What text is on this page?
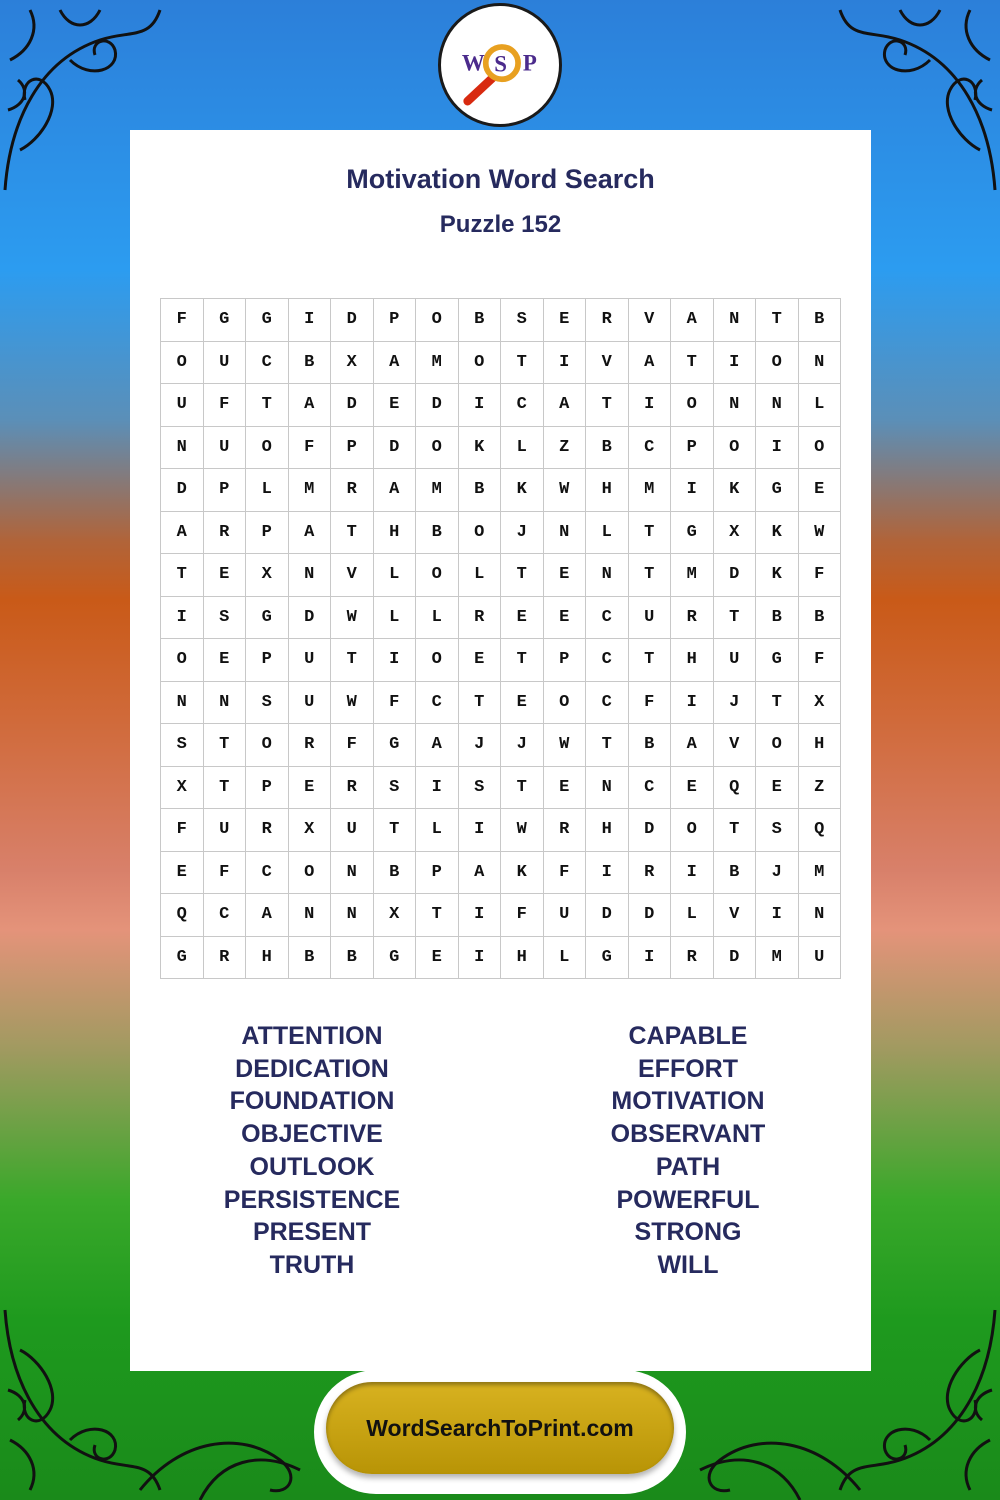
W S P
Motivation Word Search
Puzzle 152
F	G	G	I	D	P	O	B	S	E	R	V	A	N	T	B
O	U	C	B	X	A	M	O	T	I	V	A	T	I	O	N
U	F	T	A	D	E	D	I	C	A	T	I	O	N	N	L
N	U	O	F	P	D	O	K	L	Z	B	C	P	O	I	O
D	P	L	M	R	A	M	B	K	W	H	M	I	K	G	E
A	R	P	A	T	H	B	O	J	N	L	T	G	X	K	W
T	E	X	N	V	L	O	L	T	E	N	T	M	D	K	F
I	S	G	D	W	L	L	R	E	E	C	U	R	T	B	B
O	E	P	U	T	I	O	E	T	P	C	T	H	U	G	F
N	N	S	U	W	F	C	T	E	O	C	F	I	J	T	X
S	T	O	R	F	G	A	J	J	W	T	B	A	V	O	H
X	T	P	E	R	S	I	S	T	E	N	C	E	Q	E	Z
F	U	R	X	U	T	L	I	W	R	H	D	O	T	S	Q
E	F	C	O	N	B	P	A	K	F	I	R	I	B	J	M
Q	C	A	N	N	X	T	I	F	U	D	D	L	V	I	N
G	R	H	B	B	G	E	I	H	L	G	I	R	D	M	U
ATTENTION
DEDICATION
FOUNDATION
OBJECTIVE
OUTLOOK
PERSISTENCE
PRESENT
TRUTH
CAPABLE
EFFORT
MOTIVATION
OBSERVANT
PATH
POWERFUL
STRONG
WILL
WordSearchToPrint.com
